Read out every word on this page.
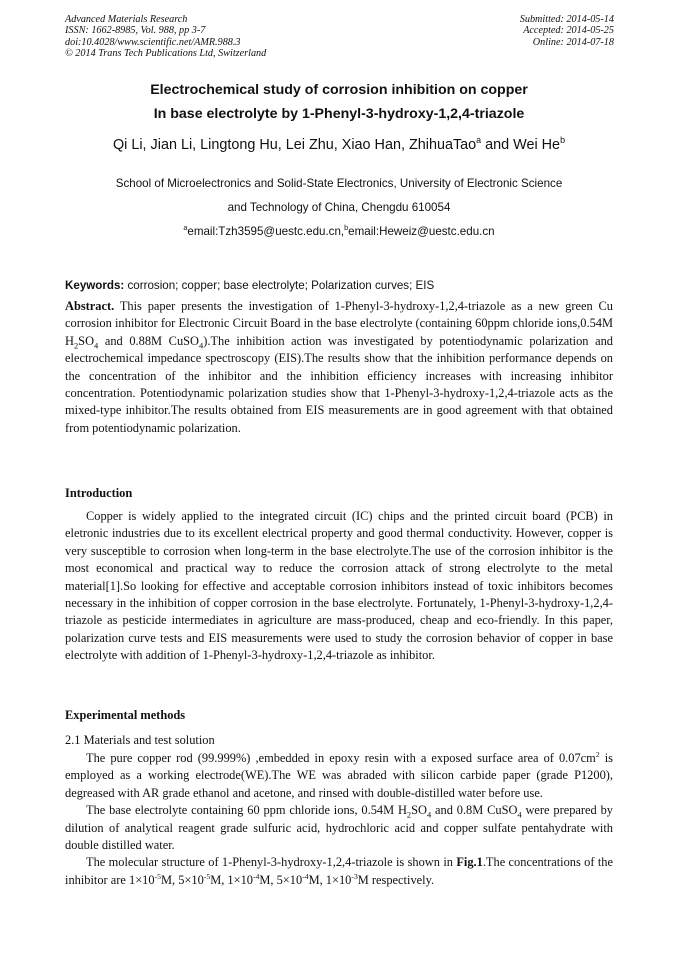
Advanced Materials Research
ISSN: 1662-8985, Vol. 988, pp 3-7
doi:10.4028/www.scientific.net/AMR.988.3
© 2014 Trans Tech Publications Ltd, Switzerland
Submitted: 2014-05-14
Accepted: 2014-05-25
Online: 2014-07-18
Electrochemical study of corrosion inhibition on copper
In base electrolyte by 1-Phenyl-3-hydroxy-1,2,4-triazole
Qi Li, Jian Li, Lingtong Hu, Lei Zhu, Xiao Han, ZhihuaTao$^a$ and Wei He$^b$
School of Microelectronics and Solid-State Electronics, University of Electronic Science
and Technology of China, Chengdu 610054
$^a$email:Tzh3595@uestc.edu.cn,$^b$email:Heweiz@uestc.edu.cn
Keywords: corrosion; copper; base electrolyte; Polarization curves; EIS

Abstract. This paper presents the investigation of 1-Phenyl-3-hydroxy-1,2,4-triazole as a new green Cu corrosion inhibitor for Electronic Circuit Board in the base electrolyte (containing 60ppm chloride ions,0.54M $H_2SO_4$ and 0.88M CuSO$_4$).The inhibition action was investigated by potentiodynamic polarization and electrochemical impedance spectroscopy (EIS).The results show that the inhibition performance depends on the concentration of the inhibitor and the inhibition efficiency increases with increasing inhibitor concentration. Potentiodynamic polarization studies show that 1-Phenyl-3-hydroxy-1,2,4-triazole acts as the mixed-type inhibitor.The results obtained from EIS measurements are in good agreement with that obtained from potentiodynamic polarization.

Introduction

Copper is widely applied to the integrated circuit (IC) chips and the printed circuit board (PCB) in eletronic industries due to its excellent electrical property and good thermal conductivity. However, copper is very susceptible to corrosion when long-term in the base electrolyte.The use of the corrosion inhibitor is the most economical and practical way to reduce the corrosion attack of strong electrolyte to the metal material[1].So looking for effective and acceptable corrosion inhibitors instead of toxic inhibitors becomes necessary in the inhibition of copper corrosion in the base electrolyte. Fortunately, 1-Phenyl-3-hydroxy-1,2,4-triazole as pesticide intermediates in agriculture are mass-produced, cheap and eco-friendly. In this paper, polarization curve tests and EIS measurements were used to study the corrosion behavior of copper in base electrolyte with addition of 1-Phenyl-3-hydroxy-1,2,4-triazole as inhibitor.

Experimental methods
2.1 Materials and test solution

The pure copper rod (99.999%) ,embedded in epoxy resin with a exposed surface area of $0.07cm^2$ is employed as a working electrode(WE).The WE was abraded with silicon carbide paper (grade P1200), degreased with AR grade ethanol and acetone, and rinsed with double-distilled water before use.

The base electrolyte containing 60 ppm chloride ions, 0.54M $H_2SO_4$ and 0.8M CuSO$_4$ were prepared by dilution of analytical reagent grade sulfuric acid, hydrochloric acid and copper sulfate pentahydrate with double distilled water.

The molecular structure of 1-Phenyl-3-hydroxy-1,2,4-triazole is shown in Fig.1.The concentrations of the inhibitor are $1\times 10^{-5}M$, $5\times 10^{-5}M$, $1\times 10^{-4}M$, $5\times 10^{-4}M$, $1\times 10^{-3}M$ respectively.
